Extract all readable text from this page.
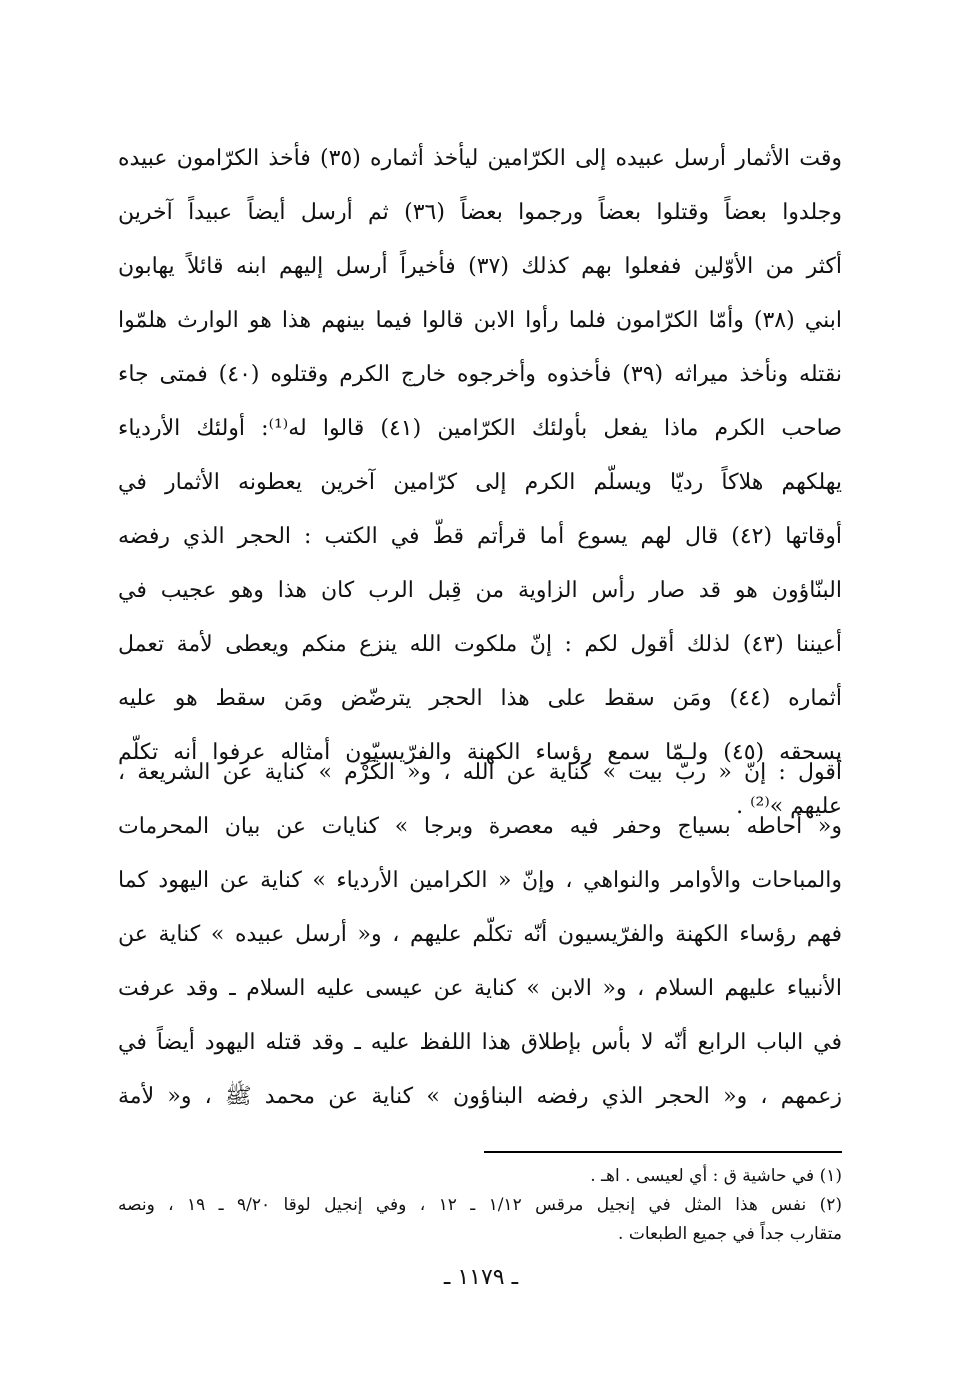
وقت الأثمار أرسل عبيده إلى الكرّامين ليأخذ أثماره (٣٥) فأخذ الكرّامون عبيده
وجلدوا بعضاً وقتلوا بعضاً ورجموا بعضاً (٣٦) ثم أرسل أيضاً عبيداً آخرين
أكثر من الأوّلين ففعلوا بهم كذلك (٣٧) فأخيراً أرسل إليهم ابنه قائلاً يهابون
ابني (٣٨) وأمّا الكرّامون فلما رأوا الابن قالوا فيما بينهم هذا هو الوارث هلمّوا
نقتله ونأخذ ميراثه (٣٩) فأخذوه وأخرجوه خارج الكرم وقتلوه (٤٠) فمتى جاء
صاحب الكرم ماذا يفعل بأولئك الكرّامين (٤١) قالوا له⁽¹⁾: أولئك الأردياء
يهلكهم هلاكاً رديّا ويسلّم الكرم إلى كرّامين آخرين يعطونه الأثمار في
أوقاتها (٤٢) قال لهم يسوع أما قرأتم قطّ في الكتب : الحجر الذي رفضه
البنّاؤون هو قد صار رأس الزاوية من قِبل الرب كان هذا وهو عجيب في
أعيننا (٤٣) لذلك أقول لكم : إنّ ملكوت الله ينزع منكم ويعطى لأمة تعمل
أثماره (٤٤) ومَن سقط على هذا الحجر يترضّض ومَن سقط هو عليه
يسحقه (٤٥) ولـمّا سمع رؤساء الكهنة والفرّيسيّون أمثاله عرفوا أنه تكلّم
عليهم »⁽²⁾ .
أقول : إنّ « ربّ بيت » كناية عن الله ، و« الكَرْم » كناية عن الشريعة ،
و« أحاطه بسياج وحفر فيه معصرة وبرجا » كنايات عن بيان المحرمات
والمباحات والأوامر والنواهي ، وإنّ « الكرامين الأردياء » كناية عن اليهود كما
فهم رؤساء الكهنة والفرّيسيون أنّه تكلّم عليهم ، و« أرسل عبيده » كناية عن
الأنبياء عليهم السلام ، و« الابن » كناية عن عيسى عليه السلام ـ وقد عرفت
في الباب الرابع أنّه لا بأس بإطلاق هذا اللفظ عليه ـ وقد قتله اليهود أيضاً في
زعمهم ، و« الحجر الذي رفضه البناؤون » كناية عن محمد ﷺ ، و« لأمة
(١) في حاشية ق : أي لعيسى . اهـ .
(٢) نفس هذا المثل في إنجيل مرقس ١/١٢ ـ ١٢ ، وفي إنجيل لوقا ٩/٢٠ ـ ١٩ ، ونصه
متقارب جداً في جميع الطبعات .
ـ ١١٧٩ ـ
